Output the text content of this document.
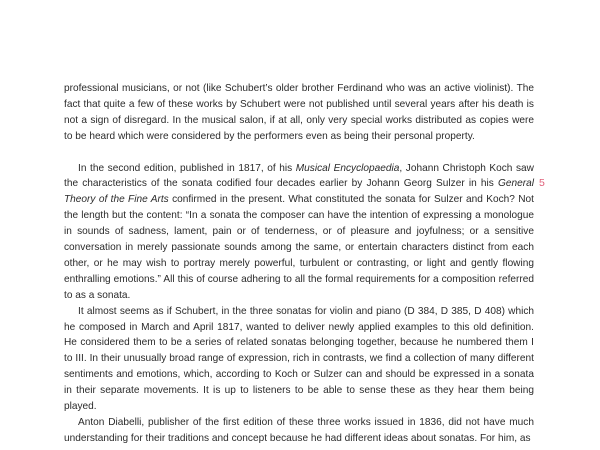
professional musicians, or not (like Schubert’s older brother Ferdinand who was an active violinist). The fact that quite a few of these works by Schubert were not published until several years after his death is not a sign of disregard. In the musical salon, if at all, only very special works distributed as copies were to be heard which were considered by the performers even as being their personal property.

In the second edition, published in 1817, of his Musical Encyclopaedia, Johann Christoph Koch saw the characteristics of the sonata codified four decades earlier by Johann Georg Sulzer in his General Theory of the Fine Arts confirmed in the present. What constituted the sonata for Sulzer and Koch? Not the length but the content: “In a sonata the composer can have the intention of expressing a monologue in sounds of sadness, lament, pain or of tenderness, or of pleasure and joyfulness; or a sensitive conversation in merely passionate sounds among the same, or entertain characters distinct from each other, or he may wish to portray merely powerful, turbulent or contrasting, or light and gently flowing enthralling emotions.” All this of course adhering to all the formal requirements for a composition referred to as a sonata.

It almost seems as if Schubert, in the three sonatas for violin and piano (D 384, D 385, D 408) which he composed in March and April 1817, wanted to deliver newly applied examples to this old definition. He considered them to be a series of related sonatas belonging together, because he numbered them I to III. In their unusually broad range of expression, rich in contrasts, we find a collection of many different sentiments and emotions, which, according to Koch or Sulzer can and should be expressed in a sonata in their separate movements. It is up to listeners to be able to sense these as they hear them being played.

Anton Diabelli, publisher of the first edition of these three works issued in 1836, did not have much understanding for their traditions and concept because he had different ideas about sonatas. For him, as

5
